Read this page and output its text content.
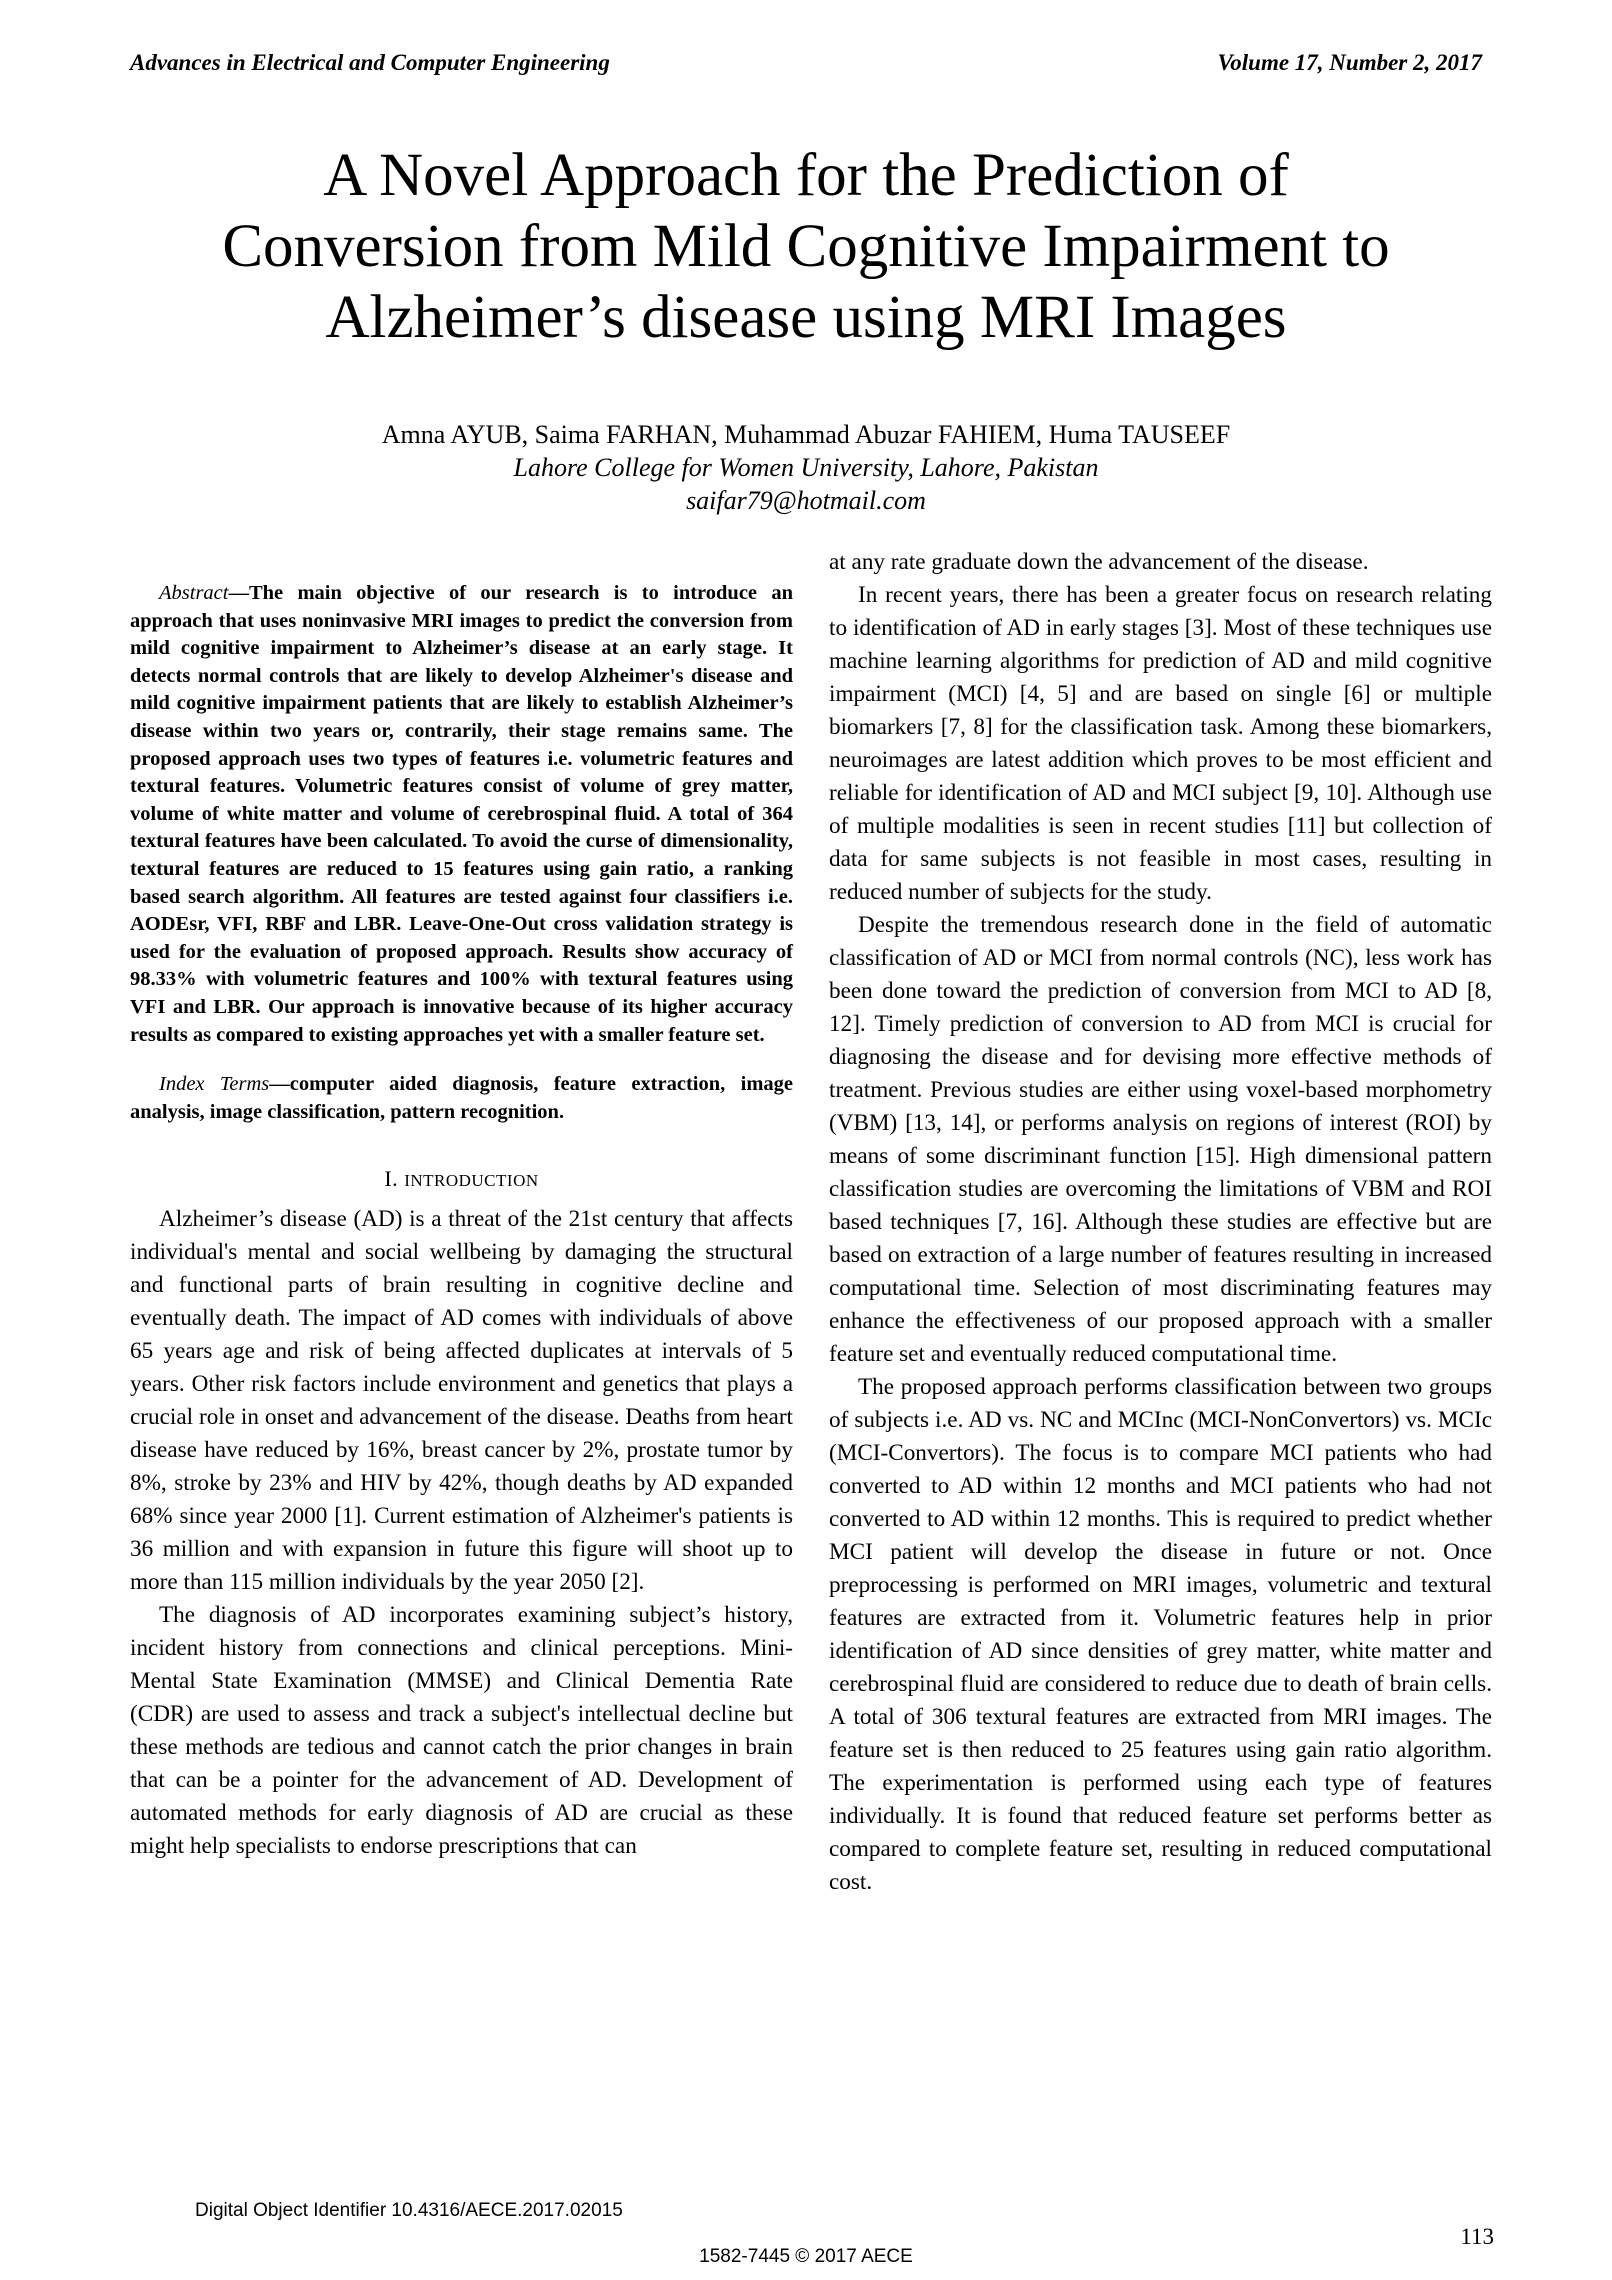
Advances in Electrical and Computer Engineering	Volume 17, Number 2, 2017
A Novel Approach for the Prediction of
Conversion from Mild Cognitive Impairment to
Alzheimer’s disease using MRI Images
Amna AYUB, Saima FARHAN, Muhammad Abuzar FAHIEM, Huma TAUSEEF
Lahore College for Women University, Lahore, Pakistan
saifar79@hotmail.com
Abstract—The main objective of our research is to introduce an approach that uses noninvasive MRI images to predict the conversion from mild cognitive impairment to Alzheimer’s disease at an early stage. It detects normal controls that are likely to develop Alzheimer's disease and mild cognitive impairment patients that are likely to establish Alzheimer’s disease within two years or, contrarily, their stage remains same. The proposed approach uses two types of features i.e. volumetric features and textural features. Volumetric features consist of volume of grey matter, volume of white matter and volume of cerebrospinal fluid. A total of 364 textural features have been calculated. To avoid the curse of dimensionality, textural features are reduced to 15 features using gain ratio, a ranking based search algorithm. All features are tested against four classifiers i.e. AODEsr, VFI, RBF and LBR. Leave-One-Out cross validation strategy is used for the evaluation of proposed approach. Results show accuracy of 98.33% with volumetric features and 100% with textural features using VFI and LBR. Our approach is innovative because of its higher accuracy results as compared to existing approaches yet with a smaller feature set.
Index Terms—computer aided diagnosis, feature extraction, image analysis, image classification, pattern recognition.
I. INTRODUCTION

Alzheimer’s disease (AD) is a threat of the 21st century that affects individual's mental and social wellbeing by damaging the structural and functional parts of brain resulting in cognitive decline and eventually death. The impact of AD comes with individuals of above 65 years age and risk of being affected duplicates at intervals of 5 years. Other risk factors include environment and genetics that plays a crucial role in onset and advancement of the disease. Deaths from heart disease have reduced by 16%, breast cancer by 2%, prostate tumor by 8%, stroke by 23% and HIV by 42%, though deaths by AD expanded 68% since year 2000 [1]. Current estimation of Alzheimer's patients is 36 million and with expansion in future this figure will shoot up to more than 115 million individuals by the year 2050 [2].

The diagnosis of AD incorporates examining subject’s history, incident history from connections and clinical perceptions. Mini-Mental State Examination (MMSE) and Clinical Dementia Rate (CDR) are used to assess and track a subject's intellectual decline but these methods are tedious and cannot catch the prior changes in brain that can be a pointer for the advancement of AD. Development of automated methods for early diagnosis of AD are crucial as these might help specialists to endorse prescriptions that can

at any rate graduate down the advancement of the disease.

In recent years, there has been a greater focus on research relating to identification of AD in early stages [3]. Most of these techniques use machine learning algorithms for prediction of AD and mild cognitive impairment (MCI) [4, 5] and are based on single [6] or multiple biomarkers [7, 8] for the classification task. Among these biomarkers, neuroimages are latest addition which proves to be most efficient and reliable for identification of AD and MCI subject [9, 10]. Although use of multiple modalities is seen in recent studies [11] but collection of data for same subjects is not feasible in most cases, resulting in reduced number of subjects for the study.

Despite the tremendous research done in the field of automatic classification of AD or MCI from normal controls (NC), less work has been done toward the prediction of conversion from MCI to AD [8, 12]. Timely prediction of conversion to AD from MCI is crucial for diagnosing the disease and for devising more effective methods of treatment. Previous studies are either using voxel-based morphometry (VBM) [13, 14], or performs analysis on regions of interest (ROI) by means of some discriminant function [15]. High dimensional pattern classification studies are overcoming the limitations of VBM and ROI based techniques [7, 16]. Although these studies are effective but are based on extraction of a large number of features resulting in increased computational time. Selection of most discriminating features may enhance the effectiveness of our proposed approach with a smaller feature set and eventually reduced computational time.

The proposed approach performs classification between two groups of subjects i.e. AD vs. NC and MCInc (MCI-NonConvertors) vs. MCIc (MCI-Convertors). The focus is to compare MCI patients who had converted to AD within 12 months and MCI patients who had not converted to AD within 12 months. This is required to predict whether MCI patient will develop the disease in future or not. Once preprocessing is performed on MRI images, volumetric and textural features are extracted from it. Volumetric features help in prior identification of AD since densities of grey matter, white matter and cerebrospinal fluid are considered to reduce due to death of brain cells. A total of 306 textural features are extracted from MRI images. The feature set is then reduced to 25 features using gain ratio algorithm. The experimentation is performed using each type of features individually. It is found that reduced feature set performs better as compared to complete feature set, resulting in reduced computational cost.

Digital Object Identifier 10.4316/AECE.2017.02015
113
1582-7445 © 2017 AECE
